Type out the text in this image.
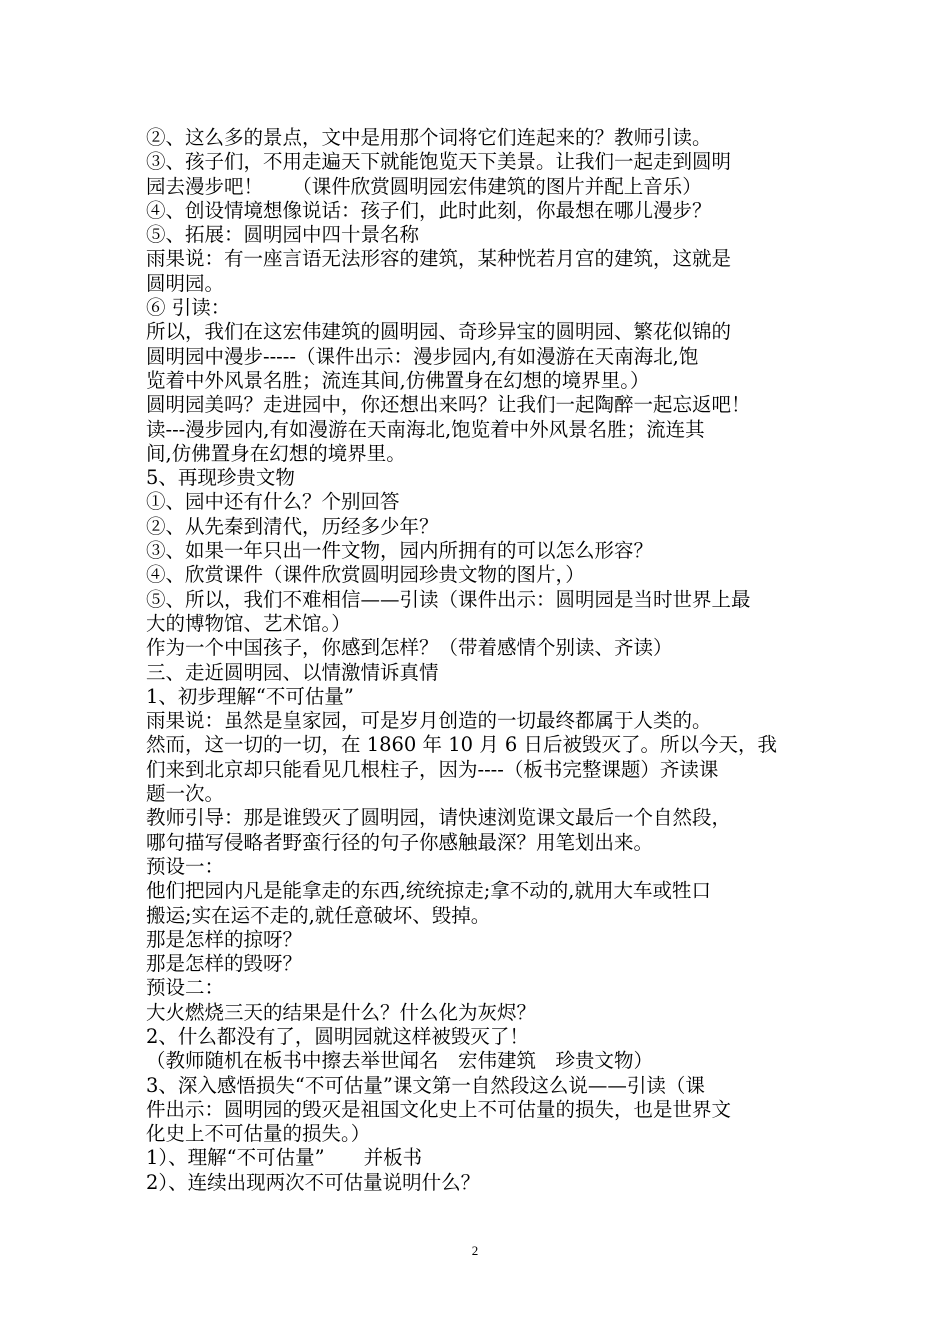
②、这么多的景点，文中是用那个词将它们连起来的？教师引读。
③、孩子们，不用走遍天下就能饱览天下美景。让我们一起走到圆明
园去漫步吧！　　（课件欣赏圆明园宏伟建筑的图片并配上音乐）
④、创设情境想像说话：孩子们，此时此刻，你最想在哪儿漫步？
⑤、拓展：圆明园中四十景名称
雨果说：有一座言语无法形容的建筑，某种恍若月宫的建筑，这就是
圆明园。
⑥ 引读：
所以，我们在这宏伟建筑的圆明园、奇珍异宝的圆明园、繁花似锦的
圆明园中漫步-----（课件出示：漫步园内,有如漫游在天南海北,饱
览着中外风景名胜；流连其间,仿佛置身在幻想的境界里。）
圆明园美吗？走进园中，你还想出来吗？让我们一起陶醉一起忘返吧！
读---漫步园内,有如漫游在天南海北,饱览着中外风景名胜；流连其
间,仿佛置身在幻想的境界里。
5、再现珍贵文物
①、园中还有什么？个别回答
②、从先秦到清代，历经多少年？
③、如果一年只出一件文物，园内所拥有的可以怎么形容？
④、欣赏课件（课件欣赏圆明园珍贵文物的图片，）
⑤、所以，我们不难相信——引读（课件出示：圆明园是当时世界上最
大的博物馆、艺术馆。）
作为一个中国孩子，你感到怎样？（带着感情个别读、齐读）
三、走近圆明园、以情激情诉真情
1、初步理解“不可估量”
雨果说：虽然是皇家园，可是岁月创造的一切最终都属于人类的。
然而，这一切的一切，在 1860 年 10 月 6 日后被毁灭了。所以今天，我
们来到北京却只能看见几根柱子，因为----（板书完整课题）齐读课
题一次。
教师引导：那是谁毁灭了圆明园，请快速浏览课文最后一个自然段，
哪句描写侵略者野蛮行径的句子你感触最深？用笔划出来。
预设一：
他们把园内凡是能拿走的东西,统统掠走;拿不动的,就用大车或牲口
搬运;实在运不走的,就任意破坏、毁掉。
那是怎样的掠呀？
那是怎样的毁呀？
预设二：
大火燃烧三天的结果是什么？什么化为灰烬？
2、什么都没有了，圆明园就这样被毁灭了！
（教师随机在板书中擦去举世闻名　宏伟建筑　珍贵文物）
3、深入感悟损失“不可估量”课文第一自然段这么说——引读（课
件出示：圆明园的毁灭是祖国文化史上不可估量的损失，也是世界文
化史上不可估量的损失。）
1）、理解“不可估量”　　并板书
2）、连续出现两次不可估量说明什么？
2
